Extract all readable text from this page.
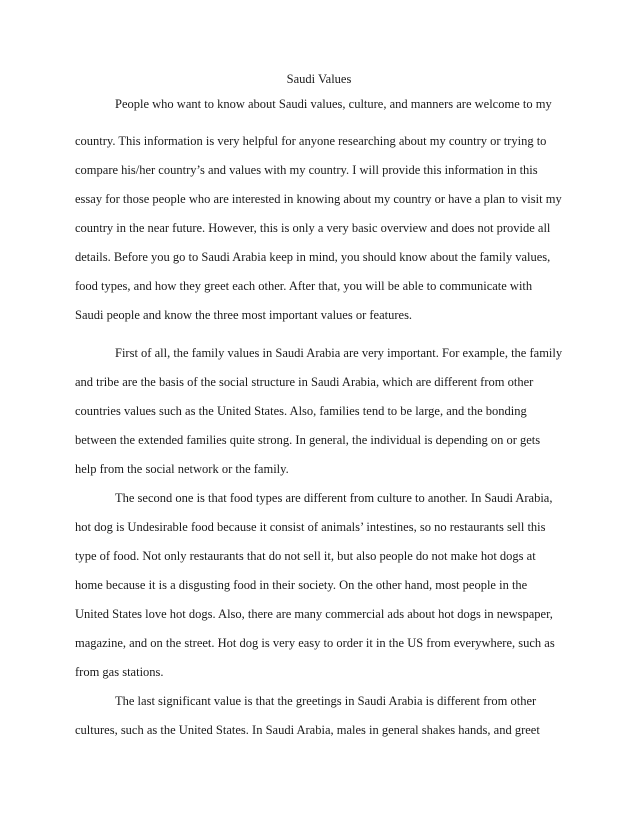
Saudi Values
People who want to know about Saudi values, culture, and manners are welcome to my
country. This information is very helpful for anyone researching about my country or trying to
compare his/her country’s and values with my country. I will provide this information in this
essay for those people who are interested in knowing about my country or have a plan to visit my
country in the near future. However, this is only a very basic overview and does not provide all
details. Before you go to Saudi Arabia keep in mind, you should know about the family values,
food types, and how they greet each other. After that, you will be able to communicate with
Saudi people and know the three most important values or features.
First of all, the family values in Saudi Arabia are very important. For example, the family
and tribe are the basis of the social structure in Saudi Arabia, which are different from other
countries values such as the United States. Also, families tend to be large, and the bonding
between the extended families quite strong. In general, the individual is depending on or gets
help from the social network or the family.
The second one is that food types are different from culture to another. In Saudi Arabia,
hot dog is Undesirable food because it consist of animals’ intestines, so no restaurants sell this
type of food. Not only restaurants that do not sell it, but also people do not make hot dogs at
home because it is a disgusting food in their society. On the other hand, most people in the
United States love hot dogs. Also, there are many commercial ads about hot dogs in newspaper,
magazine, and on the street. Hot dog is very easy to order it in the US from everywhere, such as
from gas stations.
The last significant value is that the greetings in Saudi Arabia is different from other
cultures, such as the United States. In Saudi Arabia, males in general shakes hands, and greet
